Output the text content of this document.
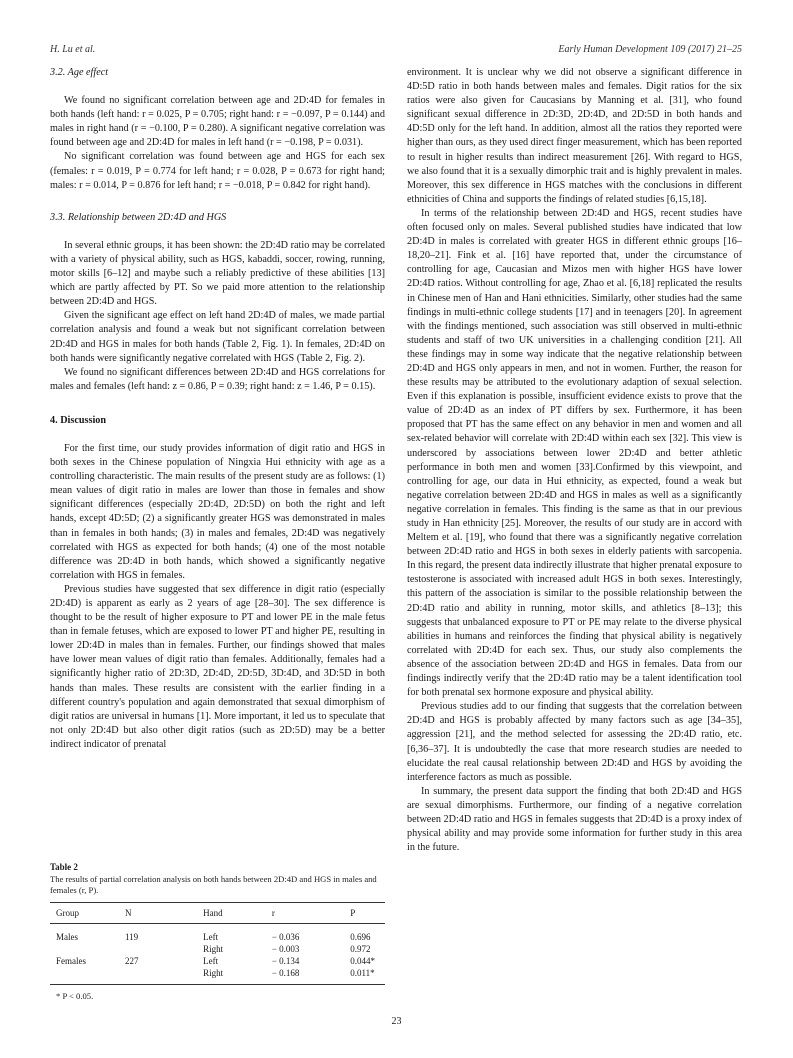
H. Lu et al.	Early Human Development 109 (2017) 21–25
3.2. Age effect

We found no significant correlation between age and 2D:4D for females in both hands (left hand: r = 0.025, P = 0.705; right hand: r = −0.097, P = 0.144) and males in right hand (r = −0.100, P = 0.280). A significant negative correlation was found between age and 2D:4D for males in left hand (r = −0.198, P = 0.031).

No significant correlation was found between age and HGS for each sex (females: r = 0.019, P = 0.774 for left hand; r = 0.028, P = 0.673 for right hand; males: r = 0.014, P = 0.876 for left hand; r = −0.018, P = 0.842 for right hand).

3.3. Relationship between 2D:4D and HGS

In several ethnic groups, it has been shown: the 2D:4D ratio may be correlated with a variety of physical ability, such as HGS, kabaddi, soccer, rowing, running, motor skills [6–12] and maybe such a reliably predictive of these abilities [13] which are partly affected by PT. So we paid more attention to the relationship between 2D:4D and HGS.

Given the significant age effect on left hand 2D:4D of males, we made partial correlation analysis and found a weak but not significant correlation between 2D:4D and HGS in males for both hands (Table 2, Fig. 1). In females, 2D:4D on both hands were significantly negative correlated with HGS (Table 2, Fig. 2).

We found no significant differences between 2D:4D and HGS correlations for males and females (left hand: z = 0.86, P = 0.39; right hand: z = 1.46, P = 0.15).

4. Discussion

For the first time, our study provides information of digit ratio and HGS in both sexes in the Chinese population of Ningxia Hui ethnicity with age as a controlling characteristic. The main results of the present study are as follows: (1) mean values of digit ratio in males are lower than those in females and show significant differences (especially 2D:4D, 2D:5D) on both the right and left hands, except 4D:5D; (2) a significantly greater HGS was demonstrated in males than in females in both hands; (3) in males and females, 2D:4D was negatively correlated with HGS as expected for both hands; (4) one of the most notable difference was 2D:4D in both hands, which showed a significantly negative correlation with HGS in females.

Previous studies have suggested that sex difference in digit ratio (especially 2D:4D) is apparent as early as 2 years of age [28–30]. The sex difference is thought to be the result of higher exposure to PT and lower PE in the male fetus than in female fetuses, which are exposed to lower PT and higher PE, resulting in lower 2D:4D in males than in females. Further, our findings showed that males have lower mean values of digit ratio than females. Additionally, females had a significantly higher ratio of 2D:3D, 2D:4D, 2D:5D, 3D:4D, and 3D:5D in both hands than males. These results are consistent with the earlier finding in a different country's population and again demonstrated that sexual dimorphism of digit ratios are universal in humans [1]. More important, it led us to speculate that not only 2D:4D but also other digit ratios (such as 2D:5D) may be a better indirect indicator of prenatal

environment. It is unclear why we did not observe a significant difference in 4D:5D ratio in both hands between males and females. Digit ratios for the six ratios were also given for Caucasians by Manning et al. [31], who found significant sexual difference in 2D:3D, 2D:4D, and 2D:5D in both hands and 4D:5D only for the left hand. In addition, almost all the ratios they reported were higher than ours, as they used direct finger measurement, which has been reported to result in higher results than indirect measurement [26]. With regard to HGS, we also found that it is a sexually dimorphic trait and is highly prevalent in males. Moreover, this sex difference in HGS matches with the conclusions in different ethnicities of China and supports the findings of related studies [6,15,18].

In terms of the relationship between 2D:4D and HGS, recent studies have often focused only on males. Several published studies have indicated that low 2D:4D in males is correlated with greater HGS in different ethnic groups [16–18,20–21]. Fink et al. [16] have reported that, under the circumstance of controlling for age, Caucasian and Mizos men with higher HGS have lower 2D:4D ratios. Without controlling for age, Zhao et al. [6,18] replicated the results in Chinese men of Han and Hani ethnicities. Similarly, other studies had the same findings in multi-ethnic college students [17] and in teenagers [20]. In agreement with the findings mentioned, such association was still observed in multi-ethnic students and staff of two UK universities in a challenging condition [21]. All these findings may in some way indicate that the negative relationship between 2D:4D and HGS only appears in men, and not in women. Further, the reason for these results may be attributed to the evolutionary adaption of sexual selection. Even if this explanation is possible, insufficient evidence exists to prove that the value of 2D:4D as an index of PT differs by sex. Furthermore, it has been proposed that PT has the same effect on any behavior in men and women and all sex-related behavior will correlate with 2D:4D within each sex [32]. This view is underscored by associations between lower 2D:4D and better athletic performance in both men and women [33].Confirmed by this viewpoint, and controlling for age, our data in Hui ethnicity, as expected, found a weak but negative correlation between 2D:4D and HGS in males as well as a significantly negative correlation in females. This finding is the same as that in our previous study in Han ethnicity [25]. Moreover, the results of our study are in accord with Meltem et al. [19], who found that there was a significantly negative correlation between 2D:4D ratio and HGS in both sexes in elderly patients with sarcopenia. In this regard, the present data indirectly illustrate that higher prenatal exposure to testosterone is associated with increased adult HGS in both sexes. Interestingly, this pattern of the association is similar to the possible relationship between the 2D:4D ratio and ability in running, motor skills, and athletics [8–13]; this suggests that unbalanced exposure to PT or PE may relate to the diverse physical abilities in humans and reinforces the finding that physical ability is negatively correlated with 2D:4D for each sex. Thus, our study also complements the absence of the association between 2D:4D and HGS in females. Data from our findings indirectly verify that the 2D:4D ratio may be a talent identification tool for both prenatal sex hormone exposure and physical ability.

Previous studies add to our finding that suggests that the correlation between 2D:4D and HGS is probably affected by many factors such as age [34–35], aggression [21], and the method selected for assessing the 2D:4D ratio, etc. [6,36–37]. It is undoubtedly the case that more research studies are needed to elucidate the real causal relationship between 2D:4D and HGS by avoiding the interference factors as much as possible.

In summary, the present data support the finding that both 2D:4D and HGS are sexual dimorphisms. Furthermore, our finding of a negative correlation between 2D:4D ratio and HGS in females suggests that 2D:4D is a proxy index of physical ability and may provide some information for further study in this area in the future.

Table 2
The results of partial correlation analysis on both hands between 2D:4D and HGS in males and females (r, P).
Group	N	Hand	r	P
Males	119	Left	− 0.036	0.696
		Right	− 0.003	0.972
Females	227	Left	− 0.134	0.044*
		Right	− 0.168	0.011*
* P < 0.05.
23
